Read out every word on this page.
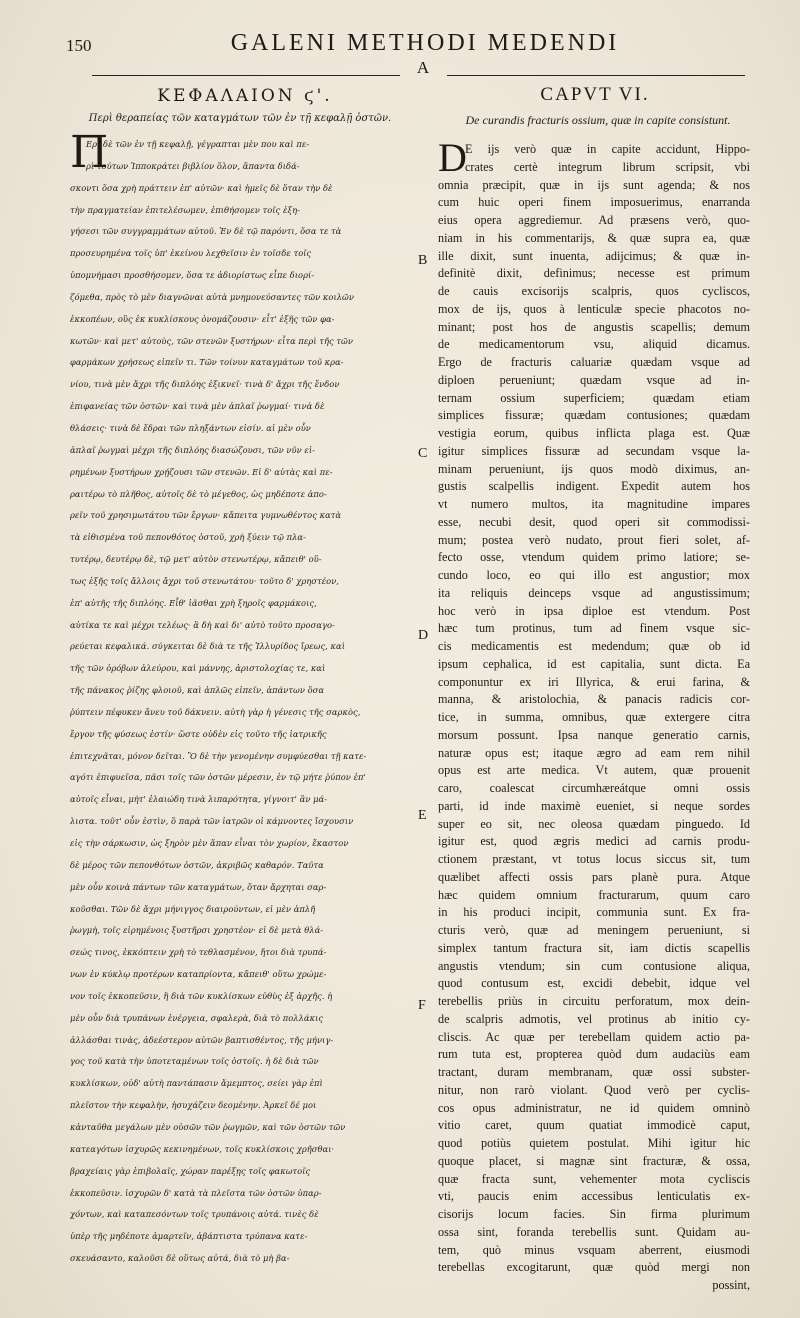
150	GALENI METHODI MEDENDI
A
ΚΕΦΑΛΑΙΟΝ ϛ'.	CAPVT VI.
Περὶ θεραπείας τῶν καταγμάτων τῶν ἐν τῇ κεφαλῇ ὀστῶν.	De curandis fracturis ossium, quæ in capite consistunt.
Π	D
Ερὶ δὲ τῶν ἐν τῇ κεφαλῇ, γέγραπται μὲν που καὶ πε-
ρὶ τούτων Ἱπποκράτει βιβλίον ὅλον, ἅπαντα διδά-
σκοντι ὅσα χρὴ πράττειν ἐπ' αὐτῶν· καὶ ἡμεῖς δὲ ὅταν τὴν δὲ
τὴν πραγματείαν ἐπιτελέσωμεν, ἐπιθήσομεν τοῖς ἐξη-
γήσεσι τῶν συγγραμμάτων αὐτοῦ. Ἐν δὲ τῷ παρόντι, ὅσα τε τὰ
προσευρημένα τοῖς ὑπ' ἐκείνου λεχθεῖσιν ἐν τοῖσδε τοῖς
ὑπομνήμασι προσθήσομεν, ὅσα τε ἀδιορίστως εἶπε διορί-
ζόμεθα, πρὸς τὸ μὲν διαγνῶναι αὐτὰ μνημονεύσαντες τῶν κοιλῶν
ἐκκοπέων, οὓς ἐκ κυκλίσκους ὀνομάζουσιν· εἶτ' ἐξῆς τῶν φα-
κωτῶν· καὶ μετ' αὐτοὺς, τῶν στενῶν ξυστήρων· εἶτα περὶ τῆς τῶν
φαρμάκων χρήσεως εἰπεῖν τι. Τῶν τοίνυν καταγμάτων τοῦ κρα-
νίου, τινὰ μὲν ἄχρι τῆς διπλόης ἐξικνεῖ· τινὰ δ' ἄχρι τῆς ἔνδον
ἐπιφανείας τῶν ὀστῶν· καὶ τινὰ μὲν ἁπλαῖ ῥωγμαί· τινὰ δὲ
θλάσεις· τινὰ δὲ ἕδραι τῶν πληξάντων εἰσίν. αἱ μὲν οὖν
ἁπλαῖ ῥωγμαὶ μέχρι τῆς διπλόης διασώζουσι, τῶν νῦν εἰ-
ρημένων ξυστήρων χρῄζουσι τῶν στενῶν. Εἰ δ' αὐτὰς καὶ πε-
ραιτέρω τὸ πλῆθος, αὐτοῖς δὲ τὸ μέγεθος, ὡς μηδέποτε ἀπο-
ρεῖν τοῦ χρησιμωτάτου τῶν ἔργων· κἄπειτα γυμνωθέντος κατὰ
τὰ εἰθισμένα τοῦ πεπονθότος ὀστοῦ, χρὴ ξύειν τῷ πλα-
τυτέρῳ, δευτέρῳ δὲ, τῷ μετ' αὐτὸν στενωτέρῳ, κἄπειθ' οὕ-
τως ἐξῆς τοῖς ἄλλοις ἄχρι τοῦ στενωτάτου· τοῦτο δ' χρηστέον,
ἐπ' αὐτῆς τῆς διπλόης. Εἶθ' ἰᾶσθαι χρὴ ξηροῖς φαρμάκοις,
αὐτίκα τε καὶ μέχρι τελέως· ἃ δὴ καὶ δι' αὐτὸ τοῦτο προσαγο-
ρεύεται κεφαλικά. σύγκειται δὲ διὰ τε τῆς Ἰλλυρίδος ἴρεως, καὶ
τῆς τῶν ὀρόβων ἀλεύρου, καὶ μάννης, ἀριστολοχίας τε, καὶ
τῆς πάνακος ῥίζης φλοιοῦ, καὶ ἁπλῶς εἰπεῖν, ἁπάντων ὅσα
ῥύπτειν πέφυκεν ἄνευ τοῦ δάκνειν. αὐτὴ γὰρ ἡ γένεσις τῆς σαρκὸς,
ἔργον τῆς φύσεως ἐστίν· ὥστε οὐδὲν εἰς τοῦτο τῆς ἰατρικῆς
ἐπιτεχνᾶται, μόνον δεῖται. Ὃ δὲ τὴν γενομένην συμφύεσθαι τῇ κατε-
αγότι ἐπιφυεῖσα, πᾶσι τοῖς τῶν ὀστῶν μέρεσιν, ἐν τῷ μήτε ῥύπον ἐπ'
αὐτοῖς εἶναι, μήτ' ἐλαιώδη τινὰ λιπαρότητα, γίγνοιτ' ἂν μά-
λιστα. τοῦτ' οὖν ἐστὶν, ὃ παρὰ τῶν ἰατρῶν οἱ κάμνοντες ἴσχουσιν
εἰς τὴν σάρκωσιν, ὡς ξηρὸν μὲν ἅπαν εἶναι τὸν χωρίον, ἕκαστον
δὲ μέρος τῶν πεπονθότων ὀστῶν, ἀκριβῶς καθαρόν. Ταῦτα
μὲν οὖν κοινὰ πάντων τῶν καταγμάτων, ὅταν ἄρχηται σαρ-
κοῦσθαι. Τῶν δὲ ἄχρι μήνιγγος διαιρούντων, εἰ μὲν ἁπλῆ
ῥωγμὴ, τοῖς εἰρημένοις ξυστῆρσι χρηστέον· εἰ δὲ μετὰ θλά-
σεώς τινος, ἐκκόπτειν χρὴ τὸ τεθλασμένον, ἤτοι διὰ τρυπά-
νων ἐν κύκλῳ προτέρων καταπρίοντα, κἄπειθ' οὕτω χρώμε-
νον τοῖς ἐκκοπεῦσιν, ἢ διὰ τῶν κυκλίσκων εὐθὺς ἐξ ἀρχῆς. ἡ
μὲν οὖν διὰ τρυπάνων ἐνέργεια, σφαλερὰ, διὰ τὸ πολλάκις
ἀλλάσθαι τινὰς, ἀδεέστερον αὐτῶν βαπτισθέντος, τῆς μήνιγ-
γος τοῦ κατὰ τὴν ὑποτεταμένων τοῖς ὀστοῖς. ἡ δὲ διὰ τῶν
κυκλίσκων, οὐδ' αὐτὴ παντάπασιν ἄμεμπτος, σείει γὰρ ἐπὶ
πλεῖστον τὴν κεφαλὴν, ἡσυχάζειν δεομένην. Ἀρκεῖ δέ μοι
κἀνταῦθα μεγάλων μὲν οὐσῶν τῶν ῥωγμῶν, καὶ τῶν ὀστῶν τῶν
κατεαγότων ἰσχυρῶς κεκινημένων, τοῖς κυκλίσκοις χρῆσθαι·
βραχείαις γὰρ ἐπιβολαῖς, χώραν παρέξῃς τοῖς φακωτοῖς
ἐκκοπεῦσιν. ἰσχυρῶν δ' κατὰ τὰ πλεῖστα τῶν ὀστῶν ὑπαρ-
χόντων, καὶ καταπεσόντων τοῖς τρυπάνοις αὐτά. τινὲς δὲ
ὑπὲρ τῆς μηδέποτε ἁμαρτεῖν, ἀβάπτιστα τρύπανα κατε-
σκευάσαντο, καλοῦσι δὲ οὕτως αὐτά, διὰ τὸ μὴ βα-
E ijs verò quæ in capite accidunt, Hippo-
crates certè integrum librum scripsit, vbi
omnia præcipit, quæ in ijs sunt agenda; & nos
cum huic operi finem imposuerimus, enarranda
eius opera aggrediemur. Ad præsens verò, quo-
niam in his commentarijs, & quæ supra ea, quæ
ille dixit, sunt inuenta, adijcimus; & quæ in-
definitè dixit, definimus; necesse est primum
de cauis excisorijs scalpris, quos cycliscos,
mox de ijs, quos à lenticulæ specie phacotos no-
minant; post hos de angustis scapellis; demum
de medicamentorum vsu, aliquid dicamus.
Ergo de fracturis caluariæ quædam vsque ad
diploen perueniunt; quædam vsque ad in-
ternam ossium superficiem; quædam etiam
simplices fissuræ; quædam contusiones; quædam
vestigia eorum, quibus inflicta plaga est. Quæ
igitur simplices fissuræ ad secundam vsque la-
minam perueniunt, ijs quos modò diximus, an-
gustis scalpellis indigent. Expedit autem hos
vt numero multos, ita magnitudine impares
esse, necubi desit, quod operi sit commodissi-
mum; postea verò nudato, prout fieri solet, af-
fecto osse, vtendum quidem primo latiore; se-
cundo loco, eo qui illo est angustior; mox
ita reliquis deinceps vsque ad angustissimum;
hoc verò in ipsa diploe est vtendum. Post
hæc tum protinus, tum ad finem vsque sic-
cis medicamentis est medendum; quæ ob id
ipsum cephalica, id est capitalia, sunt dicta. Ea
componuntur ex iri Illyrica, & erui farina, &
manna, & aristolochia, & panacis radicis cor-
tice, in summa, omnibus, quæ extergere citra
morsum possunt. Ipsa nanque generatio carnis,
naturæ opus est; itaque ægro ad eam rem nihil
opus est arte medica. Vt autem, quæ prouenit
caro, coalescat circumhæreátque omni ossis
parti, id inde maximè eueniet, si neque sordes
super eo sit, nec oleosa quædam pinguedo. Id
igitur est, quod ægris medici ad carnis produ-
ctionem præstant, vt totus locus siccus sit, tum
quælibet affecti ossis pars planè pura. Atque
hæc quidem omnium fracturarum, quum caro
in his produci incipit, communia sunt. Ex fra-
cturis verò, quæ ad meningem perueniunt, si
simplex tantum fractura sit, iam dictis scapellis
angustis vtendum; sin cum contusione aliqua,
quod contusum est, excidi debebit, idque vel
terebellis priùs in circuitu perforatum, mox dein-
de scalpris admotis, vel protinus ab initio cy-
cliscis. Ac quæ per terebellam quidem actio pa-
rum tuta est, propterea quòd dum audaciùs eam
tractant, duram membranam, quæ ossi subster-
nitur, non rarò violant. Quod verò per cyclis-
cos opus administratur, ne id quidem omninò
vitio caret, quum quatiat immodicè caput,
quod potiùs quietem postulat. Mihi igitur hic
quoque placet, si magnæ sint fracturæ, & ossa,
quæ fracta sunt, vehementer mota cycliscis
vti, paucis enim accessibus lenticulatis ex-
cisorijs locum facies. Sin firma plurimum
ossa sint, foranda terebellis sunt. Quidam au-
tem, quò minus vsquam aberrent, eiusmodi
terebellas excogitarunt, quæ quòd mergi non
possint,
B
C
D
E
F
